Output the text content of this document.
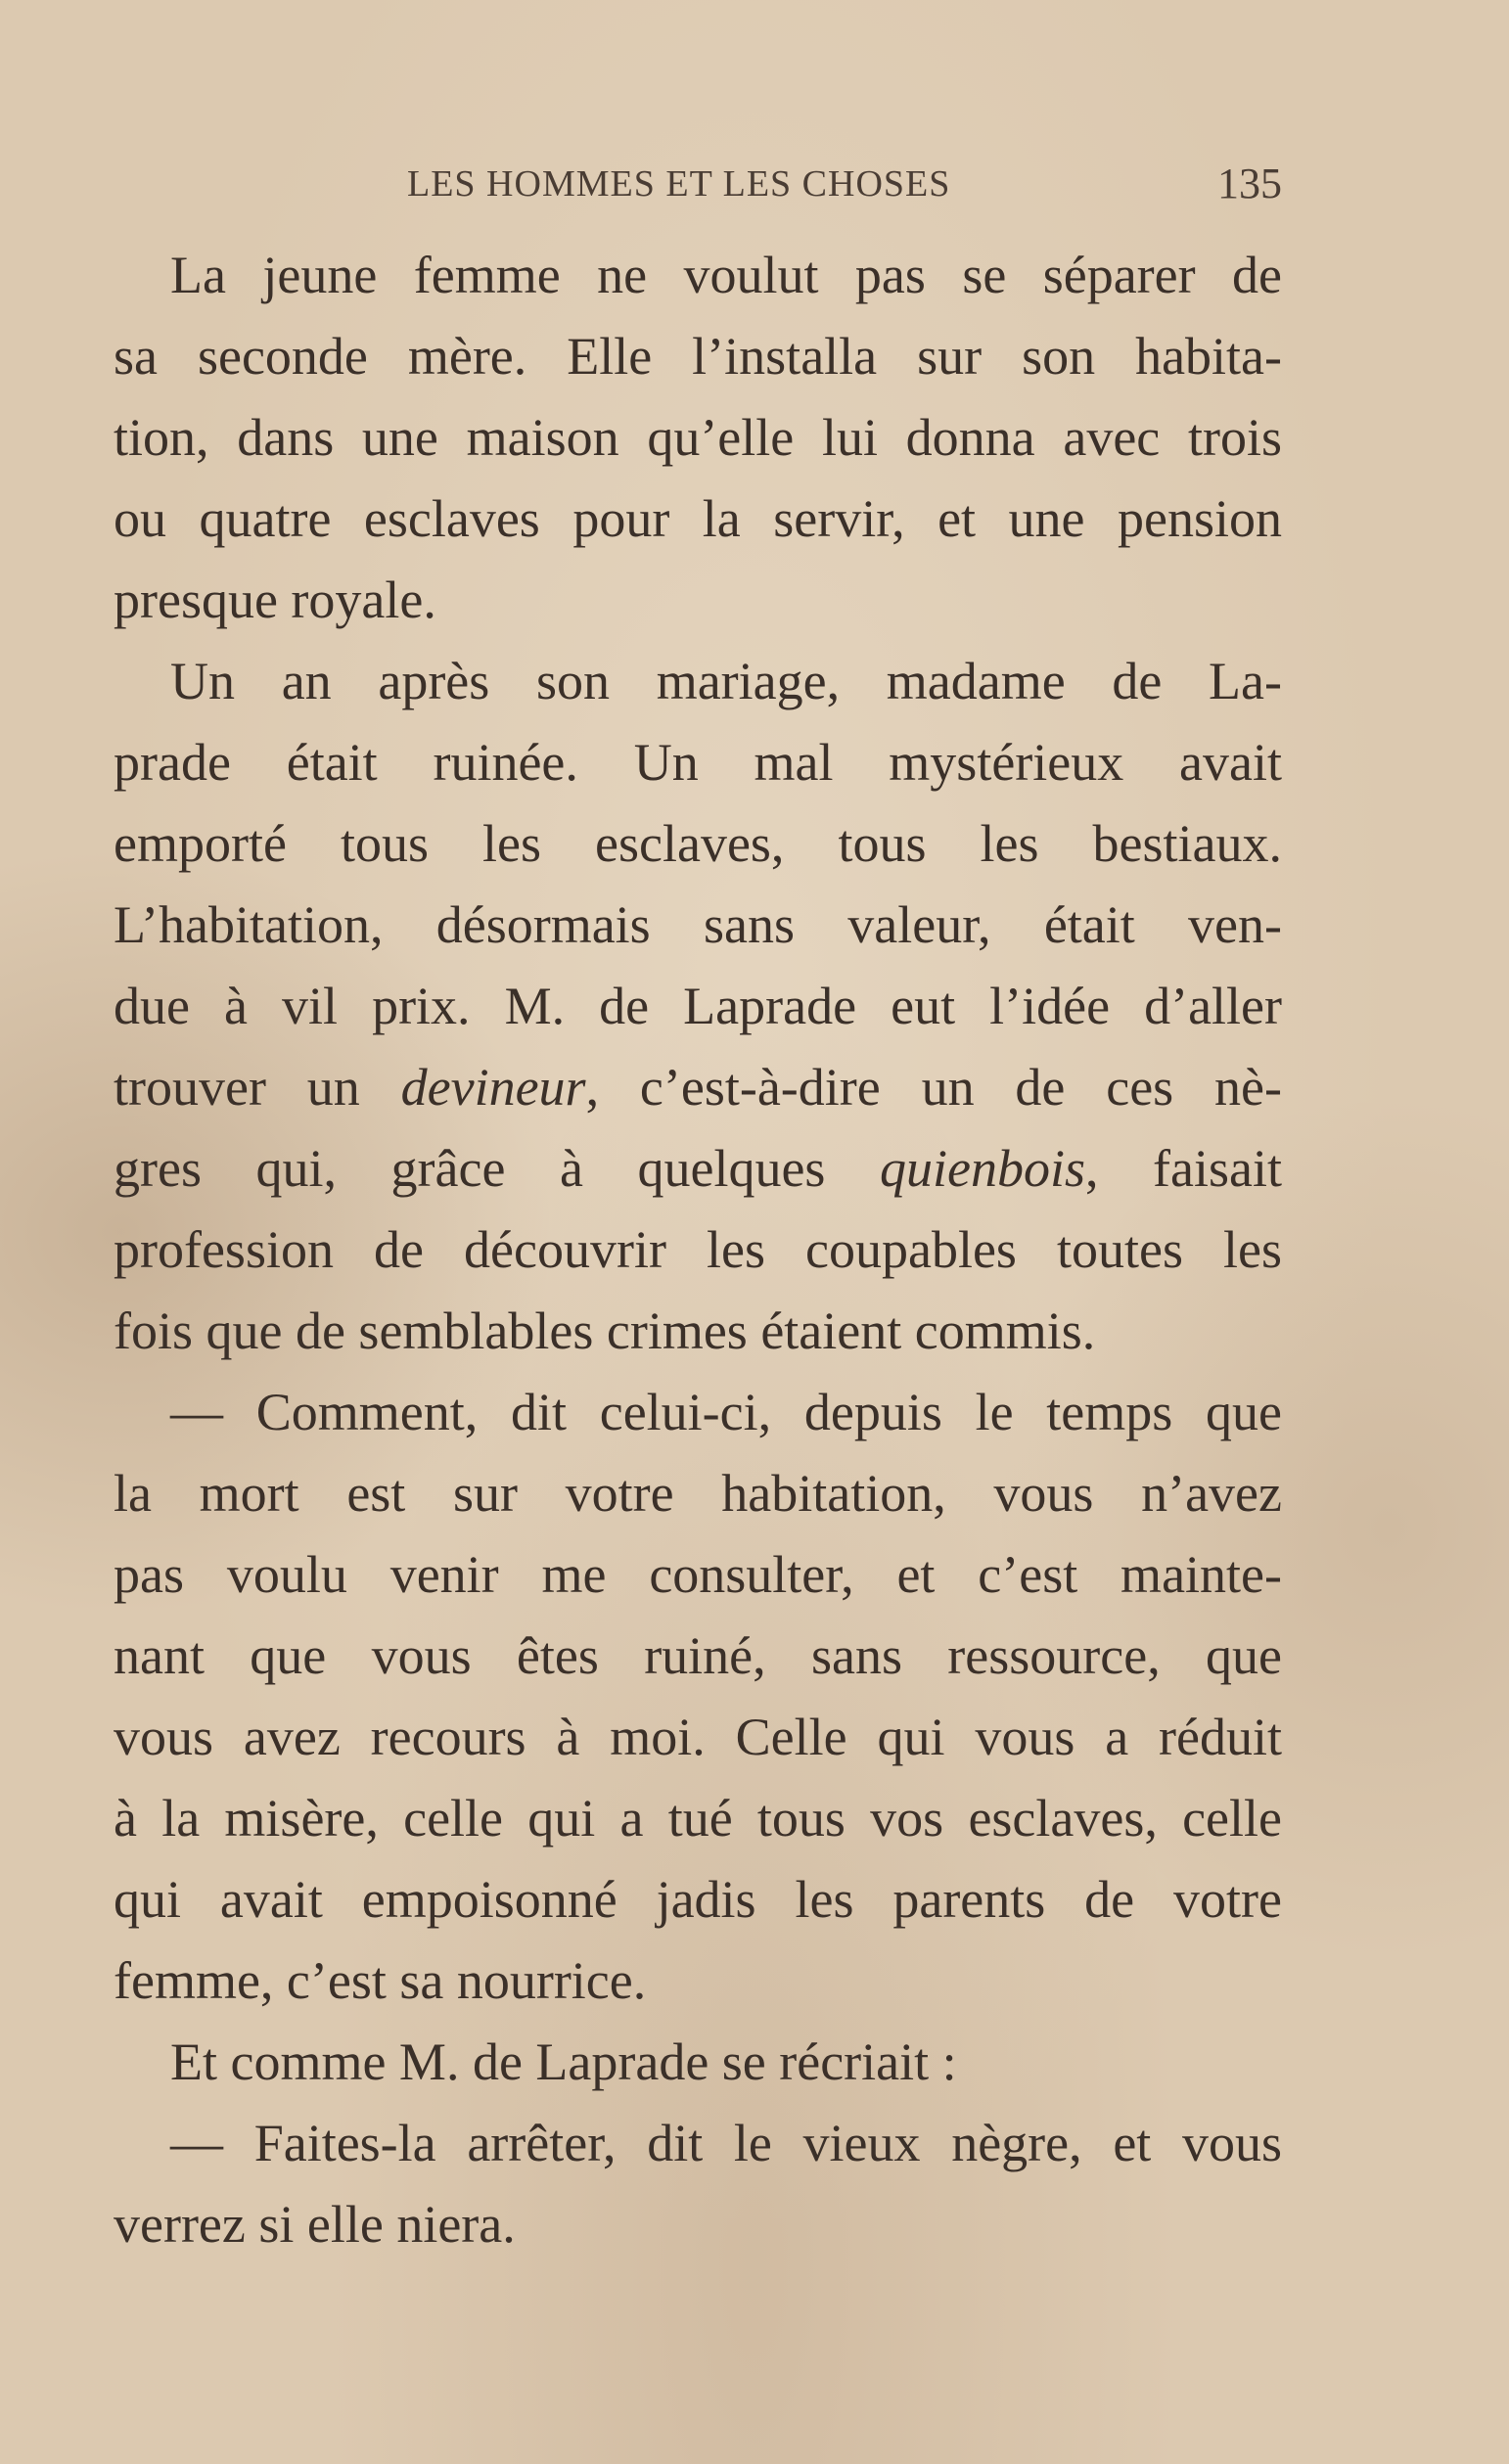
LES HOMMES ET LES CHOSES	135
La jeune femme ne voulut pas se séparer de
sa seconde mère. Elle l’installa sur son habita-
tion, dans une maison qu’elle lui donna avec trois
ou quatre esclaves pour la servir, et une pension
presque royale.
Un an après son mariage, madame de La-
prade était ruinée. Un mal mystérieux avait
emporté tous les esclaves, tous les bestiaux.
L’habitation, désormais sans valeur, était ven-
due à vil prix. M. de Laprade eut l’idée d’aller
trouver un devineur, c’est-à-dire un de ces nè-
gres qui, grâce à quelques quienbois, faisait
profession de découvrir les coupables toutes les
fois que de semblables crimes étaient commis.
— Comment, dit celui-ci, depuis le temps que
la mort est sur votre habitation, vous n’avez
pas voulu venir me consulter, et c’est mainte-
nant que vous êtes ruiné, sans ressource, que
vous avez recours à moi. Celle qui vous a réduit
à la misère, celle qui a tué tous vos esclaves, celle
qui avait empoisonné jadis les parents de votre
femme, c’est sa nourrice.
Et comme M. de Laprade se récriait :
— Faites-la arrêter, dit le vieux nègre, et vous
verrez si elle niera.
